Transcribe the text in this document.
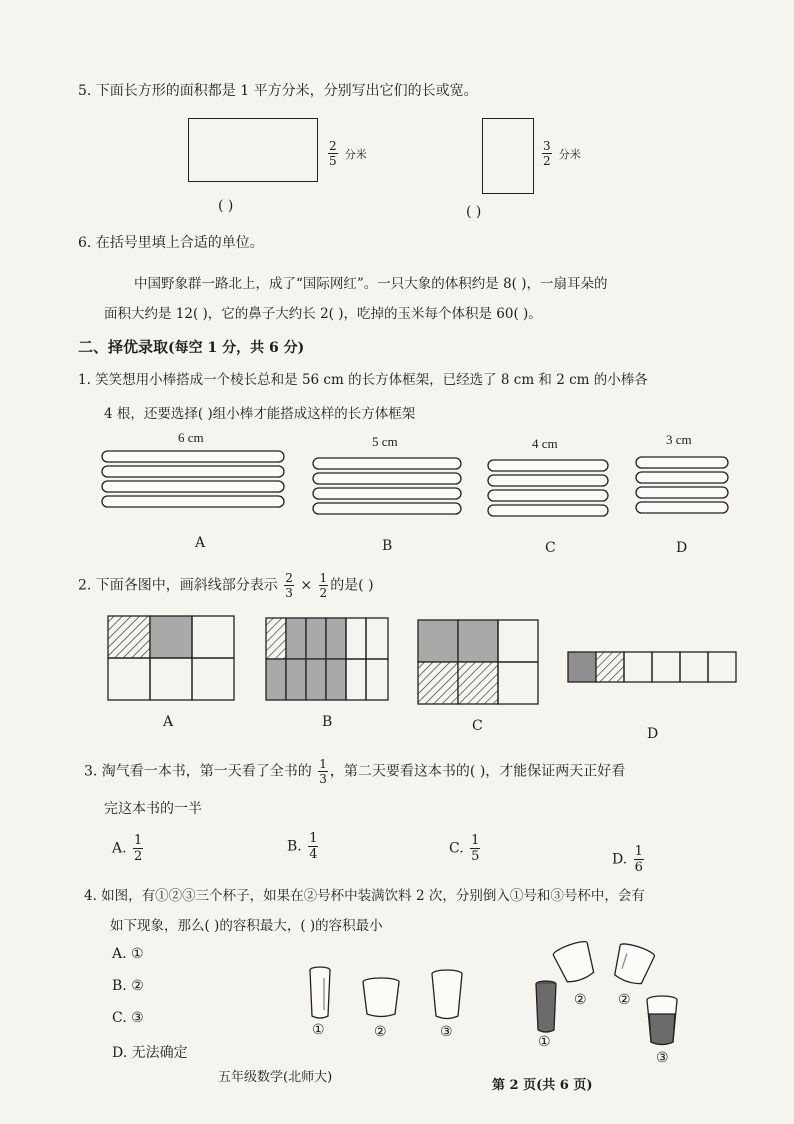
5. 下面长方形的面积都是 1 平方分米，分别写出它们的长或宽。
$\frac{2}{5}$ 分米
( )
$\frac{3}{2}$ 分米
( )
6. 在括号里填上合适的单位。
中国野象群一路北上，成了“国际网红”。一只大象的体积约是 8( )，一扇耳朵的
面积大约是 12( )，它的鼻子大约长 2( )，吃掉的玉米每个体积是 60( )。
二、择优录取(每空 1 分，共 6 分)
1. 笑笑想用小棒搭成一个棱长总和是 56 cm 的长方体框架，已经选了 8 cm 和 2 cm 的小棒各
4 根，还要选择( )组小棒才能搭成这样的长方体框架
6 cm	5 cm	4 cm	3 cm
A	B	C	D
2. 下面各图中，画斜线部分表示 $\frac{2}{3} \times \frac{1}{2}$ 的是( )
A	B	C	D
3. 淘气看一本书，第一天看了全书的 $\frac{1}{3}$ ，第二天要看这本书的( )，才能保证两天正好看
完这本书的一半
A. $\frac{1}{2}$	B. $\frac{1}{4}$	C. $\frac{1}{5}$	D. $\frac{1}{6}$
4. 如图，有①②③三个杯子，如果在②号杯中装满饮料 2 次，分别倒入①号和③号杯中，会有
如下现象，那么( )的容积最大，( )的容积最小
A. ①
B. ②
C. ③
D. 无法确定
①	②	③
② ②
①
③
五年级数学(北师大)
第 2 页(共 6 页)
